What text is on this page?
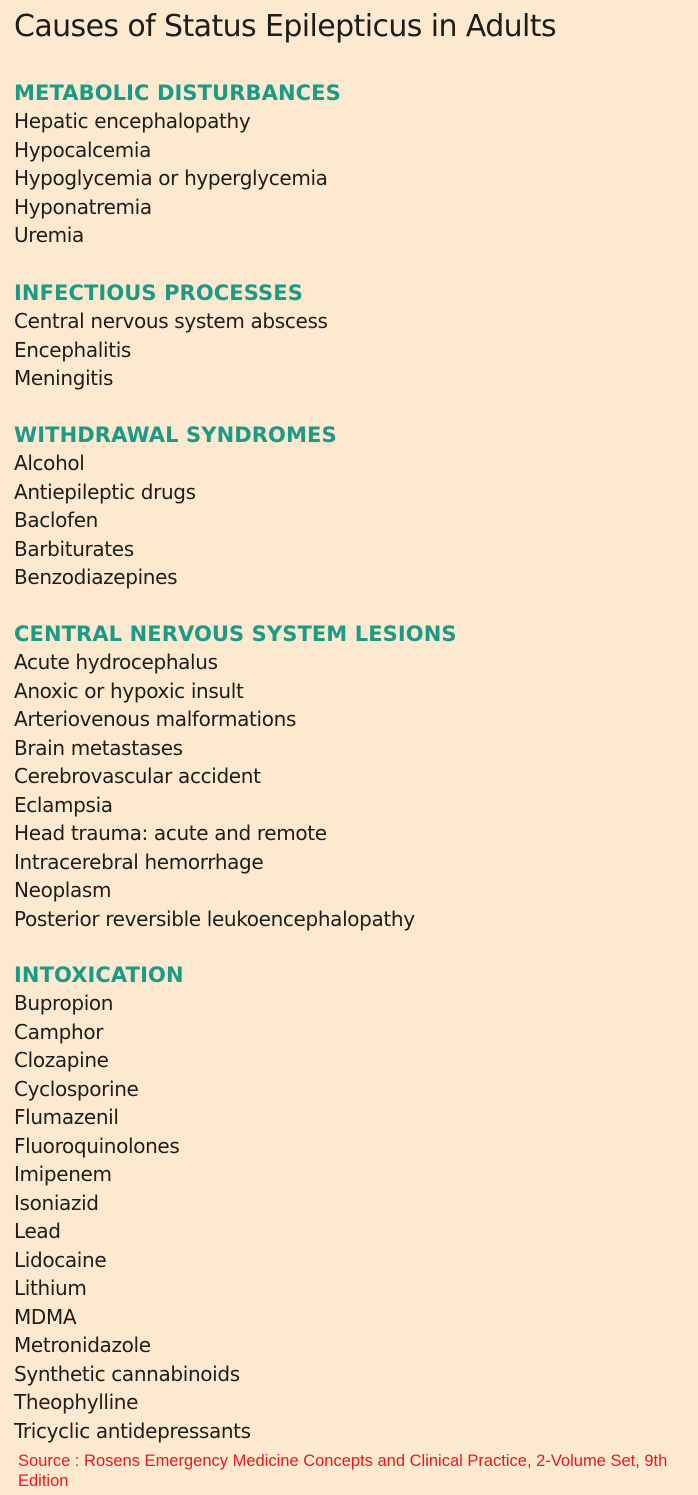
Causes of Status Epilepticus in Adults
METABOLIC DISTURBANCES
Hepatic encephalopathy
Hypocalcemia
Hypoglycemia or hyperglycemia
Hyponatremia
Uremia
INFECTIOUS PROCESSES
Central nervous system abscess
Encephalitis
Meningitis
WITHDRAWAL SYNDROMES
Alcohol
Antiepileptic drugs
Baclofen
Barbiturates
Benzodiazepines
CENTRAL NERVOUS SYSTEM LESIONS
Acute hydrocephalus
Anoxic or hypoxic insult
Arteriovenous malformations
Brain metastases
Cerebrovascular accident
Eclampsia
Head trauma: acute and remote
Intracerebral hemorrhage
Neoplasm
Posterior reversible leukoencephalopathy
INTOXICATION
Bupropion
Camphor
Clozapine
Cyclosporine
Flumazenil
Fluoroquinolones
Imipenem
Isoniazid
Lead
Lidocaine
Lithium
MDMA
Metronidazole
Synthetic cannabinoids
Theophylline
Tricyclic antidepressants
Source : Rosens Emergency Medicine Concepts and Clinical Practice, 2-Volume Set, 9th Edition
